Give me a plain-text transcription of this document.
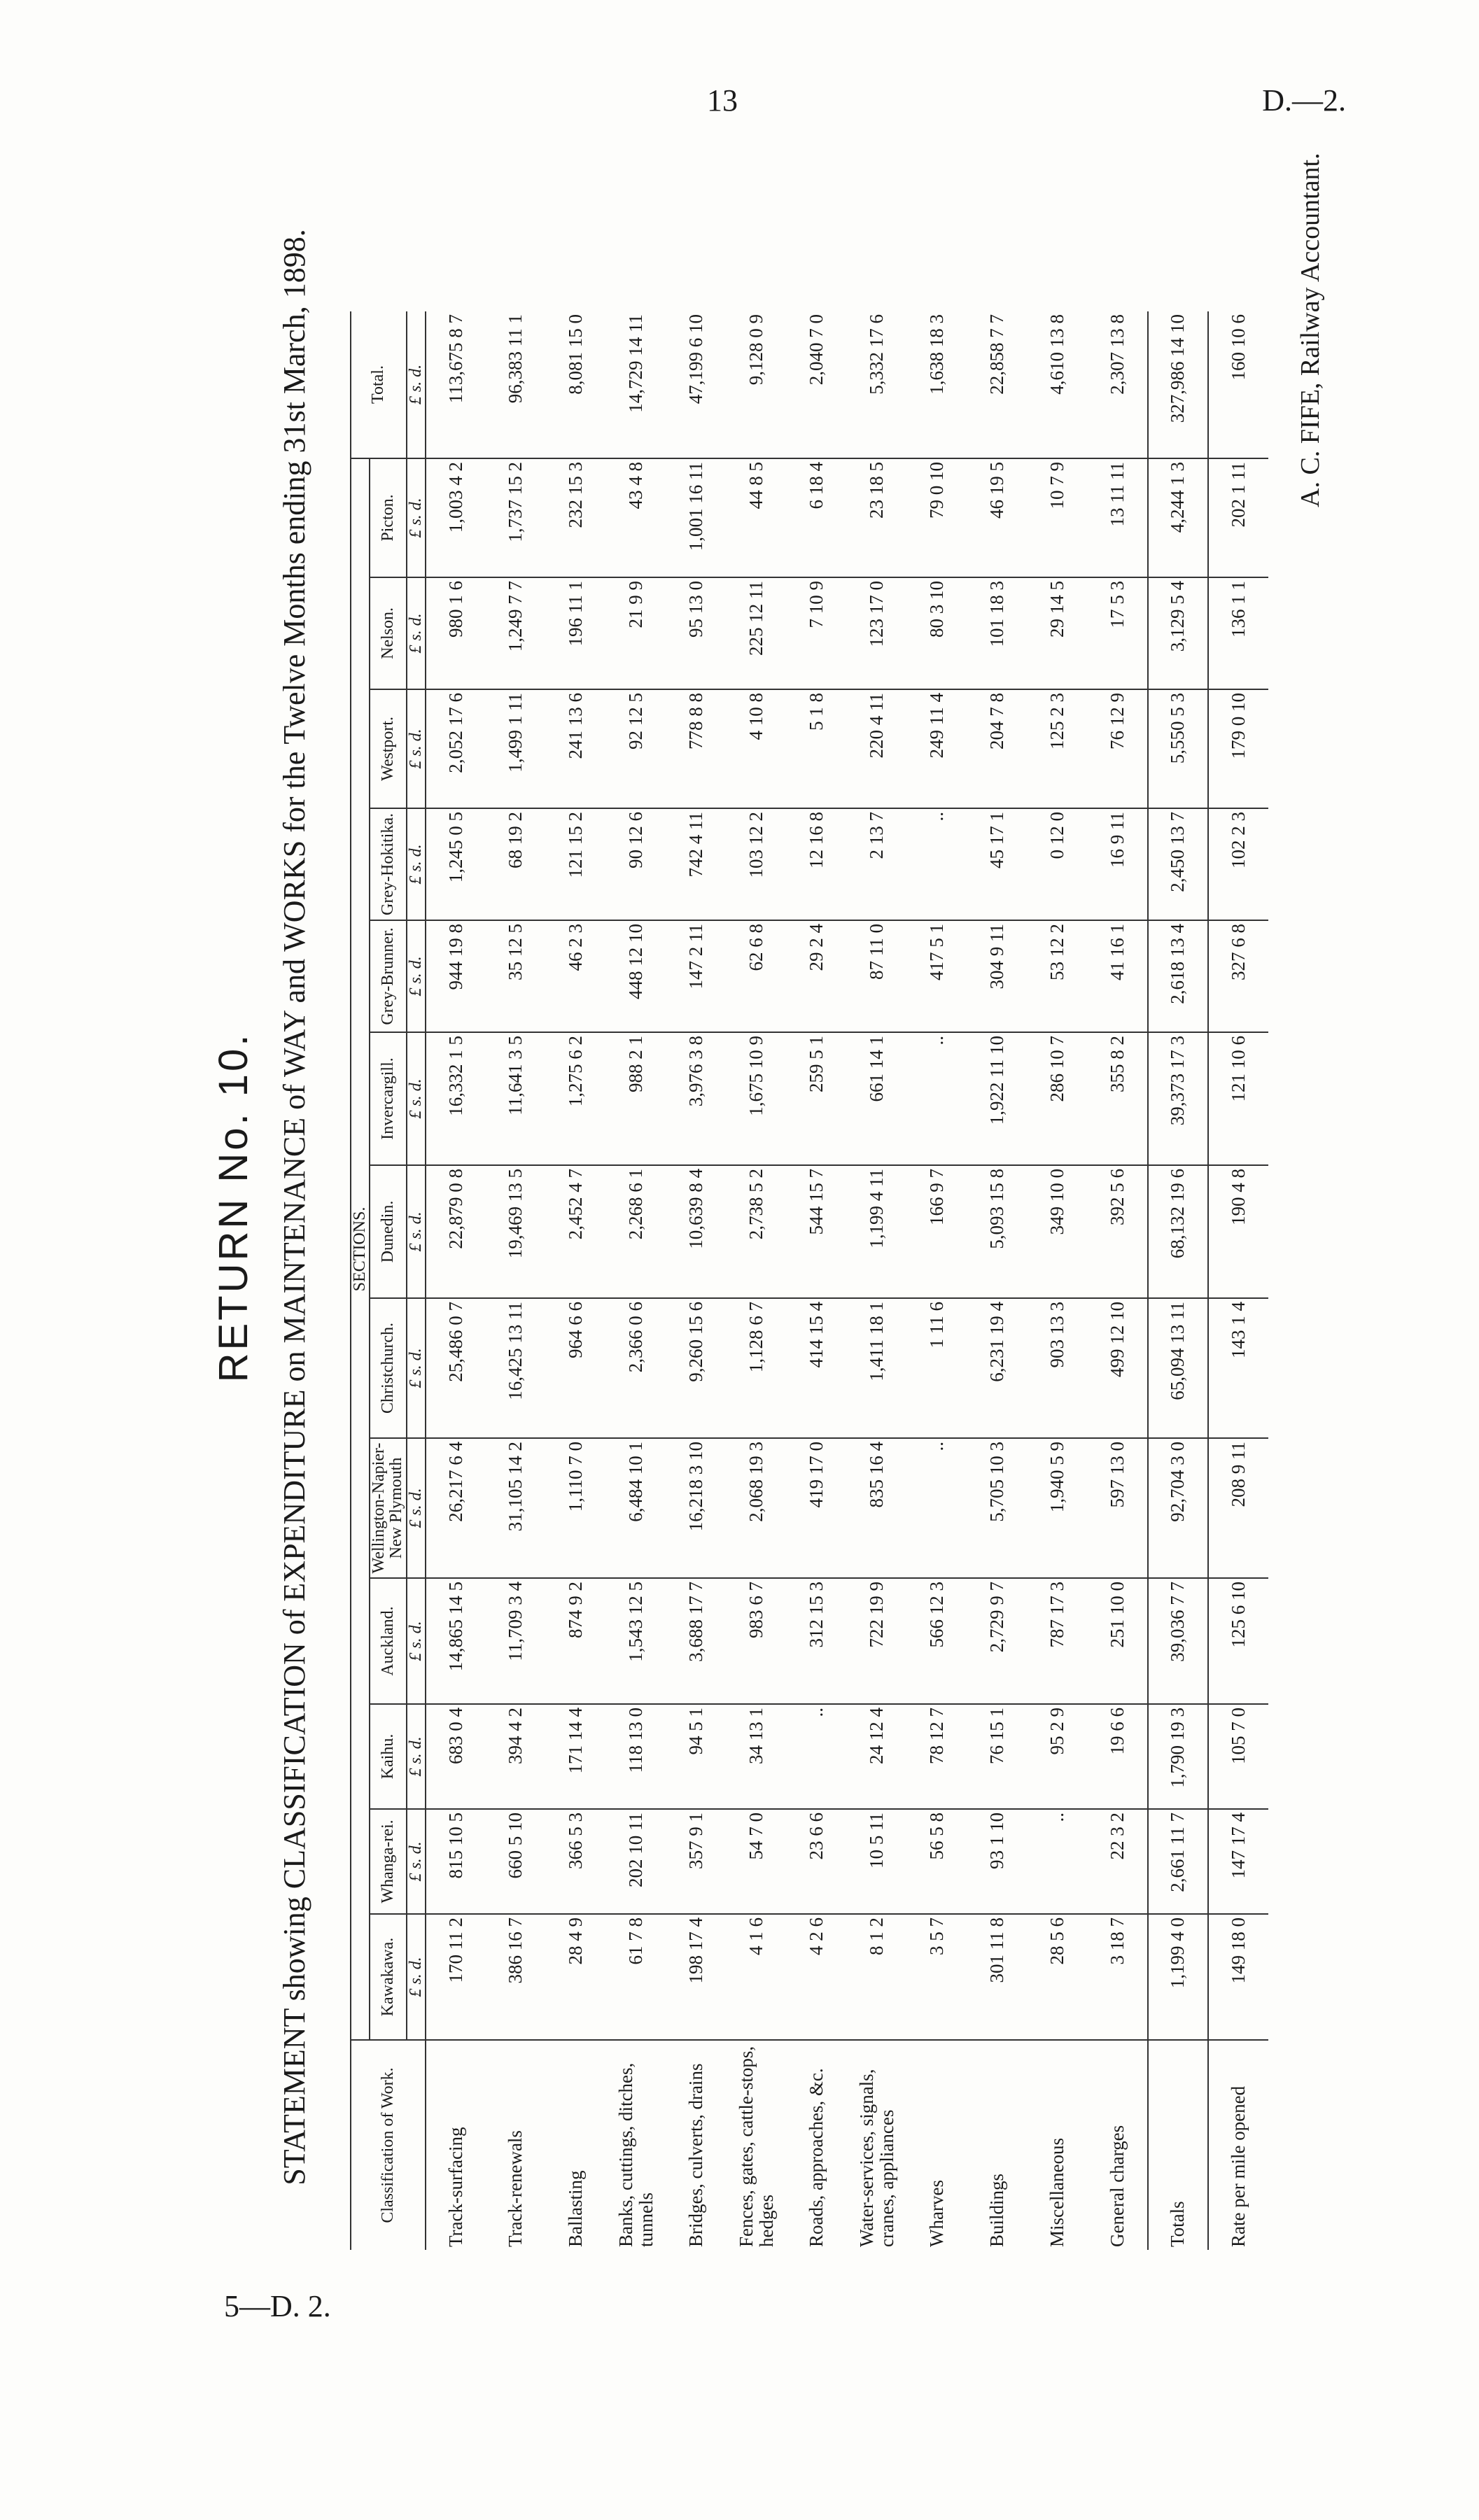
13	D.—2.
5—D. 2.
RETURN No. 10. STATEMENT showing CLASSIFICATION of EXPENDITURE on MAINTENANCE of WAY and WORKS for the Twelve Months ending 31st March, 1898.	Classification of Work.	SECTIONS.													Total.
	Kawakawa.	Whanga-rei.	Kaihu.	Auckland.	Wellington-Napier-New Plymouth	Christchurch.	Dunedin.	Invercargill.	Grey-Brunner.	Grey-Hokitika.	Westport.	Nelson.	Picton.	
	£ s. d.	£ s. d.	£ s. d.	£ s. d.	£ s. d.	£ s. d.	£ s. d.	£ s. d.	£ s. d.	£ s. d.	£ s. d.	£ s. d.	£ s. d.	£ s. d.
Track-surfacing	170 11 2	815 10 5	683 0 4	14,865 14 5	26,217 6 4	25,486 0 7	22,879 0 8	16,332 1 5	944 19 8	1,245 0 5	2,052 17 6	980 1 6	1,003 4 2	113,675 8 7
Track-renewals	386 16 7	660 5 10	394 4 2	11,709 3 4	31,105 14 2	16,425 13 11	19,469 13 5	11,641 3 5	35 12 5	68 19 2	1,499 1 11	1,249 7 7	1,737 15 2	96,383 11 1
Ballasting	28 4 9	366 5 3	171 14 4	874 9 2	1,110 7 0	964 6 6	2,452 4 7	1,275 6 2	46 2 3	121 15 2	241 13 6	196 11 1	232 15 3	8,081 15 0
Banks, cuttings, ditches, tunnels	61 7 8	202 10 11	118 13 0	1,543 12 5	6,484 10 1	2,366 0 6	2,268 6 1	988 2 1	448 12 10	90 12 6	92 12 5	21 9 9	43 4 8	14,729 14 11
Bridges, culverts, drains	198 17 4	357 9 1	94 5 1	3,688 17 7	16,218 3 10	9,260 15 6	10,639 8 4	3,976 3 8	147 2 11	742 4 11	778 8 8	95 13 0	1,001 16 11	47,199 6 10
Fences, gates, cattle-stops, hedges	4 1 6	54 7 0	34 13 1	983 6 7	2,068 19 3	1,128 6 7	2,738 5 2	1,675 10 9	62 6 8	103 12 2	4 10 8	225 12 11	44 8 5	9,128 0 9
Roads, approaches, &c.	4 2 6	23 6 6	..	312 15 3	419 17 0	414 15 4	544 15 7	259 5 1	29 2 4	12 16 8	5 1 8	7 10 9	6 18 4	2,040 7 0
Water-services, signals, cranes, appliances	8 1 2	10 5 11	24 12 4	722 19 9	835 16 4	1,411 18 1	1,199 4 11	661 14 1	87 11 0	2 13 7	220 4 11	123 17 0	23 18 5	5,332 17 6
Wharves	3 5 7	56 5 8	78 12 7	566 12 3	..	1 11 6	166 9 7	..	417 5 1	..	249 11 4	80 3 10	79 0 10	1,638 18 3
Buildings	301 11 8	93 1 10	76 15 1	2,729 9 7	5,705 10 3	6,231 19 4	5,093 15 8	1,922 11 10	304 9 11	45 17 1	204 7 8	101 18 3	46 19 5	22,858 7 7
Miscellaneous	28 5 6	..	95 2 9	787 17 3	1,940 5 9	903 13 3	349 10 0	286 10 7	53 12 2	0 12 0	125 2 3	29 14 5	10 7 9	4,610 13 8
General charges	3 18 7	22 3 2	19 6 6	251 10 0	597 13 0	499 12 10	392 5 6	355 8 2	41 16 1	16 9 11	76 12 9	17 5 3	13 11 11	2,307 13 8
Totals	1,199 4 0	2,661 11 7	1,790 19 3	39,036 7 7	92,704 3 0	65,094 13 11	68,132 19 6	39,373 17 3	2,618 13 4	2,450 13 7	5,550 5 3	3,129 5 4	4,244 1 3	327,986 14 10
Rate per mile opened	149 18 0	147 17 4	105 7 0	125 6 10	208 9 11	143 1 4	190 4 8	121 10 6	327 6 8	102 2 3	179 0 10	136 1 1	202 1 11	160 10 6 A. C. FIFE, Railway Accountant.
